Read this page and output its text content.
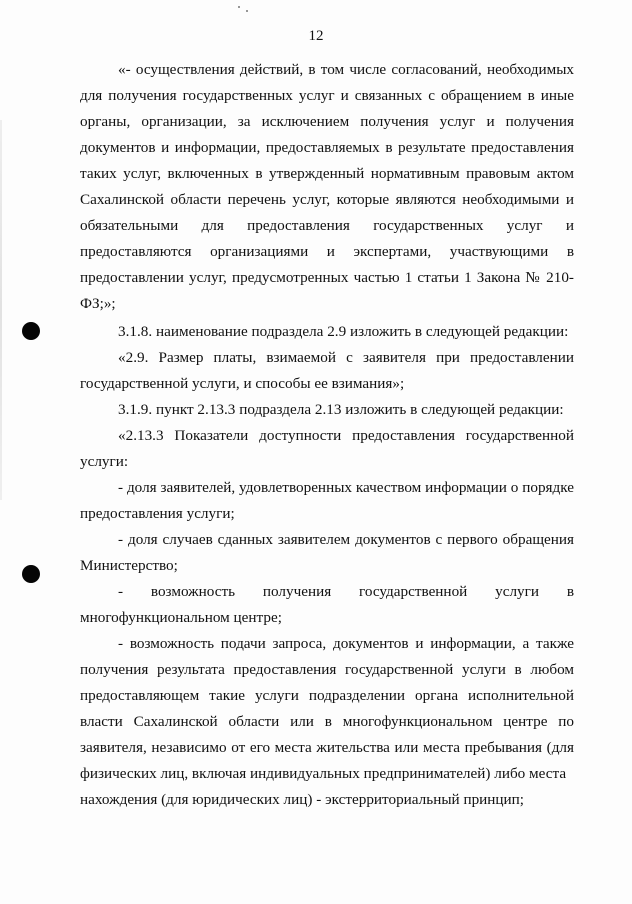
12
«- осуществления действий, в том числе согласований, необходимых
для получения государственных услуг и связанных с обращением в иные
органы, организации, за исключением получения услуг и получения
документов и информации, предоставляемых в результате предоставления
таких услуг, включенных в утвержденный нормативным правовым актом
Сахалинской области перечень услуг, которые являются необходимыми и
обязательными для предоставления государственных услуг и
предоставляются организациями и экспертами, участвующими в
предоставлении услуг, предусмотренных частью 1 статьи 1 Закона № 210-
ФЗ;»;
3.1.8. наименование подраздела 2.9 изложить в следующей редакции:
«2.9. Размер платы, взимаемой с заявителя при предоставлении
государственной услуги, и способы ее взимания»;
3.1.9. пункт 2.13.3 подраздела 2.13 изложить в следующей редакции:
«2.13.3 Показатели доступности предоставления государственной
услуги:
- доля заявителей, удовлетворенных качеством информации о порядке
предоставления услуги;
- доля случаев сданных заявителем документов с первого обращения
Министерство;
- возможность получения государственной услуги в
многофункциональном центре;
- возможность подачи запроса, документов и информации, а также
получения результата предоставления государственной услуги в любом
предоставляющем такие услуги подразделении органа исполнительной
власти Сахалинской области или в многофункциональном центре по
заявителя, независимо от его места жительства или места пребывания (для
физических лиц, включая индивидуальных предпринимателей) либо места
нахождения (для юридических лиц) - экстерриториальный принцип;
